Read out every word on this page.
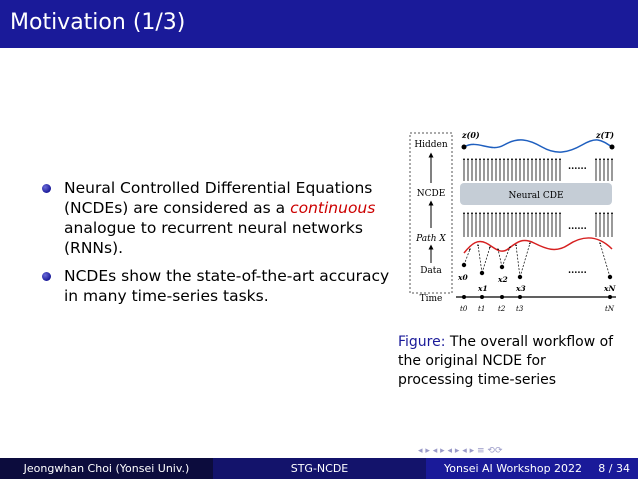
Motivation (1/3)
Neural Controlled Differential Equations (NCDEs) are considered as a continuous analogue to recurrent neural networks (RNNs).
NCDEs show the state-of-the-art accuracy in many time-series tasks.
Hidden
NCDE
Path X
Data
Time
z(0)	z(T)
......
Neural CDE
......
x0
x1
x2
x3	xN
......
t0 t1 t2 t3	tN
Figure: The overall workflow of the original NCDE for processing time-series
◂ ▸ ◂ ▸ ◂ ▸ ◂ ▸ ≡ ⟲⟳
Jeongwhan Choi (Yonsei Univ.)	STG-NCDE	Yonsei AI Workshop 2022 8 / 34
